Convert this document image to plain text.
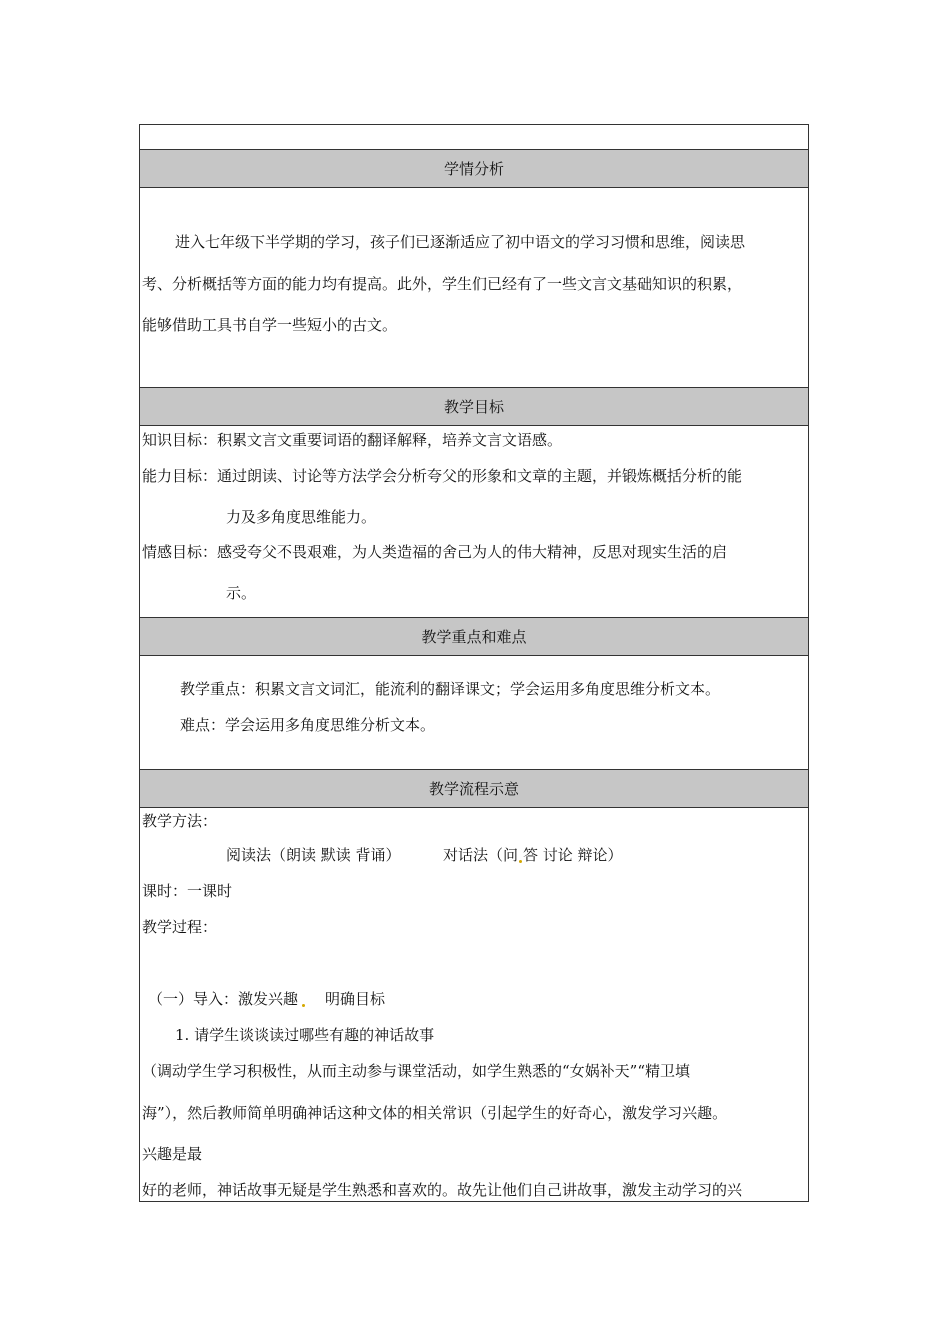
学情分析
进入七年级下半学期的学习，孩子们已逐渐适应了初中语文的学习习惯和思维，阅读思
考、分析概括等方面的能力均有提高。此外，学生们已经有了一些文言文基础知识的积累，
能够借助工具书自学一些短小的古文。
教学目标
知识目标：积累文言文重要词语的翻译解释，培养文言文语感。
能力目标：通过朗读、讨论等方法学会分析夸父的形象和文章的主题，并锻炼概括分析的能
力及多角度思维能力。
情感目标：感受夸父不畏艰难，为人类造福的舍己为人的伟大精神，反思对现实生活的启
示。
教学重点和难点
教学重点：积累文言文词汇，能流利的翻译课文；学会运用多角度思维分析文本。
难点：学会运用多角度思维分析文本。
教学流程示意
教学方法：
阅读法（朗读 默读 背诵）	对话法（问 答 讨论 辩论）
课时：一课时
教学过程：
（一）导入：激发兴趣 明确目标
1. 请学生谈谈读过哪些有趣的神话故事
（调动学生学习积极性，从而主动参与课堂活动，如学生熟悉的“女娲补天”“精卫填
海”），然后教师简单明确神话这种文体的相关常识（引起学生的好奇心，激发学习兴趣。
兴趣是最
好的老师，神话故事无疑是学生熟悉和喜欢的。故先让他们自己讲故事，激发主动学习的兴
